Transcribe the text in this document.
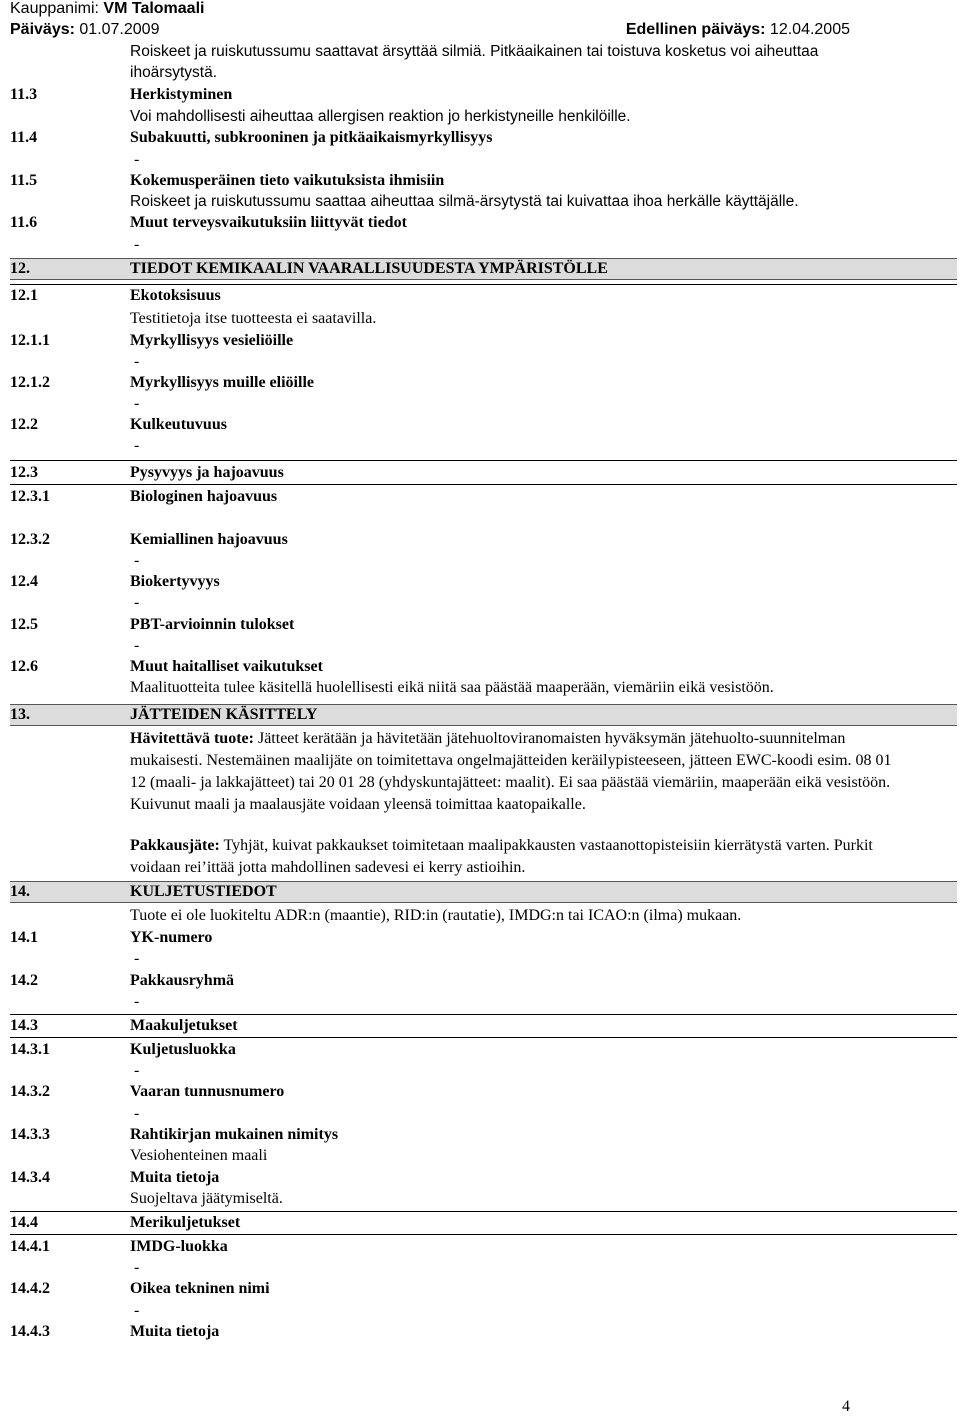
Kauppanimi: VM Talomaali
Päiväys: 01.07.2009	Edellinen päiväys: 12.04.2005
Roiskeet ja ruiskutussumu saattavat ärsyttää silmiä. Pitkäaikainen tai toistuva kosketus voi aiheuttaa
ihoärsytystä.
11.3	Herkistyminen
Voi mahdollisesti aiheuttaa allergisen reaktion jo herkistyneille henkilöille.
11.4	Subakuutti, subkrooninen ja pitkäaikaismyrkyllisyys
-
11.5	Kokemusperäinen tieto vaikutuksista ihmisiin
Roiskeet ja ruiskutussumu saattaa aiheuttaa silmä-ärsytystä tai kuivattaa ihoa herkälle käyttäjälle.
11.6	Muut terveysvaikutuksiin liittyvät tiedot
-
12.	TIEDOT KEMIKAALIN VAARALLISUUDESTA YMPÄRISTÖLLE
12.1	Ekotoksisuus
Testitietoja itse tuotteesta ei saatavilla.
12.1.1	Myrkyllisyys vesieliöille
-
12.1.2	Myrkyllisyys muille eliöille
-
12.2	Kulkeutuvuus
-
12.3	Pysyvyys ja hajoavuus
12.3.1	Biologinen hajoavuus
12.3.2	Kemiallinen hajoavuus
-
12.4	Biokertyvyys
-
12.5	PBT-arvioinnin tulokset
-
12.6	Muut haitalliset vaikutukset
Maalituotteita tulee käsitellä huolellisesti eikä niitä saa päästää maaperään, viemäriin eikä vesistöön.
13.	JÄTTEIDEN KÄSITTELY
Hävitettävä tuote: Jätteet kerätään ja hävitetään jätehuoltoviranomaisten hyväksymän jätehuolto-suunnitelman mukaisesti. Nestemäinen maalijäte on toimitettava ongelmajätteiden keräilypisteeseen, jätteen EWC-koodi esim. 08 01 12 (maali- ja lakkajätteet) tai 20 01 28 (yhdyskuntajätteet: maalit). Ei saa päästää viemäriin, maaperään eikä vesistöön. Kuivunut maali ja maalausjäte voidaan yleensä toimittaa kaatopaikalle.
Pakkausjäte: Tyhjät, kuivat pakkaukset toimitetaan maalipakkausten vastaanottopisteisiin kierrätystä varten. Purkit voidaan rei’ittää jotta mahdollinen sadevesi ei kerry astioihin.
14.	KULJETUSTIEDOT
Tuote ei ole luokiteltu ADR:n (maantie), RID:in (rautatie), IMDG:n tai ICAO:n (ilma) mukaan.
14.1	YK-numero
-
14.2	Pakkausryhmä
-
14.3	Maakuljetukset
14.3.1	Kuljetusluokka
-
14.3.2	Vaaran tunnusnumero
-
14.3.3	Rahtikirjan mukainen nimitys
Vesiohenteinen maali
14.3.4	Muita tietoja
Suojeltava jäätymiseltä.
14.4	Merikuljetukset
14.4.1	IMDG-luokka
-
14.4.2	Oikea tekninen nimi
-
14.4.3	Muita tietoja
4
